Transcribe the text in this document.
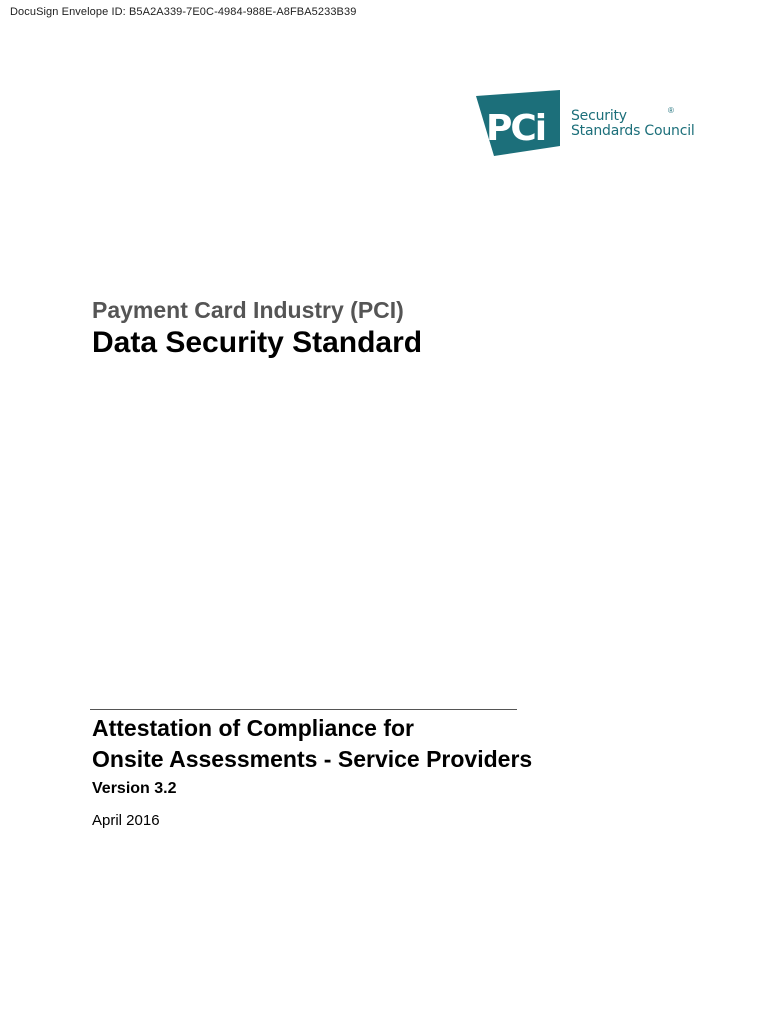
DocuSign Envelope ID: B5A2A339-7E0C-4984-988E-A8FBA5233B39
PCi Security
Standards Council
®
Payment Card Industry (PCI)
Data Security Standard
Attestation of Compliance for
Onsite Assessments - Service Providers
Version 3.2
April 2016
